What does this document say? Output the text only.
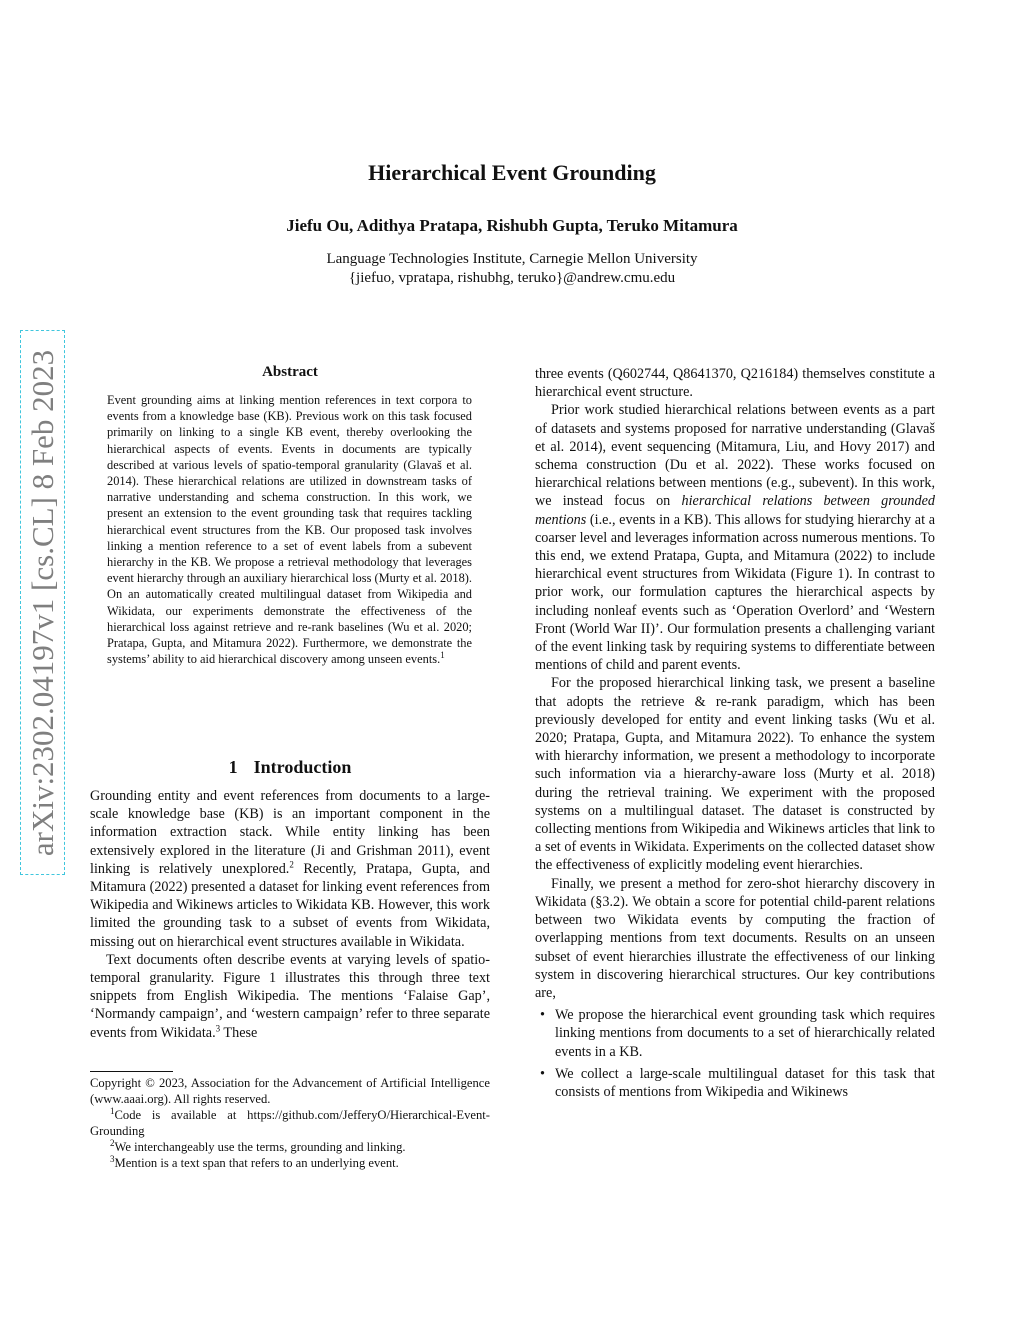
Hierarchical Event Grounding
Jiefu Ou, Adithya Pratapa, Rishubh Gupta, Teruko Mitamura
Language Technologies Institute, Carnegie Mellon University
{jiefuo, vpratapa, rishubhg, teruko}@andrew.cmu.edu
arXiv:2302.04197v1 [cs.CL] 8 Feb 2023	Abstract
Event grounding aims at linking mention references in text corpora to events from a knowledge base (KB). Previous work on this task focused primarily on linking to a single KB event, thereby overlooking the hierarchical aspects of events. Events in documents are typically described at various levels of spatio-temporal granularity (Glavaš et al. 2014). These hierarchical relations are utilized in downstream tasks of narrative understanding and schema construction. In this work, we present an extension to the event grounding task that requires tackling hierarchical event structures from the KB. Our proposed task involves linking a mention reference to a set of event labels from a subevent hierarchy in the KB. We propose a retrieval methodology that leverages event hierarchy through an auxiliary hierarchical loss (Murty et al. 2018). On an automatically created multilingual dataset from Wikipedia and Wikidata, our experiments demonstrate the effectiveness of the hierarchical loss against retrieve and re-rank baselines (Wu et al. 2020; Pratapa, Gupta, and Mitamura 2022). Furthermore, we demonstrate the systems’ ability to aid hierarchical discovery among unseen events.$^1$
1 Introduction

Grounding entity and event references from documents to a large-scale knowledge base (KB) is an important component in the information extraction stack. While entity linking has been extensively explored in the literature (Ji and Grishman 2011), event linking is relatively unexplored.$^2$ Recently, Pratapa, Gupta, and Mitamura (2022) presented a dataset for linking event references from Wikipedia and Wikinews articles to Wikidata KB. However, this work limited the grounding task to a subset of events from Wikidata, missing out on hierarchical event structures available in Wikidata.

Text documents often describe events at varying levels of spatio-temporal granularity. Figure 1 illustrates this through three text snippets from English Wikipedia. The mentions ‘Falaise Gap’, ‘Normandy campaign’, and ‘western campaign’ refer to three separate events from Wikidata.$^3$ These

Copyright © 2023, Association for the Advancement of Artificial Intelligence (www.aaai.org). All rights reserved.

$^1$Code is available at https://github.com/JefferyO/Hierarchical-Event-Grounding

$^2$We interchangeably use the terms, grounding and linking.

$^3$Mention is a text span that refers to an underlying event.

three events (Q602744, Q8641370, Q216184) themselves constitute a hierarchical event structure.

Prior work studied hierarchical relations between events as a part of datasets and systems proposed for narrative understanding (Glavaš et al. 2014), event sequencing (Mitamura, Liu, and Hovy 2017) and schema construction (Du et al. 2022). These works focused on hierarchical relations between mentions (e.g., subevent). In this work, we instead focus on hierarchical relations between grounded mentions (i.e., events in a KB). This allows for studying hierarchy at a coarser level and leverages information across numerous mentions. To this end, we extend Pratapa, Gupta, and Mitamura (2022) to include hierarchical event structures from Wikidata (Figure 1). In contrast to prior work, our formulation captures the hierarchical aspects by including nonleaf events such as ‘Operation Overlord’ and ‘Western Front (World War II)’. Our formulation presents a challenging variant of the event linking task by requiring systems to differentiate between mentions of child and parent events.

For the proposed hierarchical linking task, we present a baseline that adopts the retrieve & re-rank paradigm, which has been previously developed for entity and event linking tasks (Wu et al. 2020; Pratapa, Gupta, and Mitamura 2022). To enhance the system with hierarchy information, we present a methodology to incorporate such information via a hierarchy-aware loss (Murty et al. 2018) during the retrieval training. We experiment with the proposed systems on a multilingual dataset. The dataset is constructed by collecting mentions from Wikipedia and Wikinews articles that link to a set of events in Wikidata. Experiments on the collected dataset show the effectiveness of explicitly modeling event hierarchies.

Finally, we present a method for zero-shot hierarchy discovery in Wikidata (§3.2). We obtain a score for potential child-parent relations between two Wikidata events by computing the fraction of overlapping mentions from text documents. Results on an unseen subset of event hierarchies illustrate the effectiveness of our linking system in discovering hierarchical structures. Our key contributions are,

• We propose the hierarchical event grounding task which requires linking mentions from documents to a set of hierarchically related events in a KB.
• We collect a large-scale multilingual dataset for this task that consists of mentions from Wikipedia and Wikinews
